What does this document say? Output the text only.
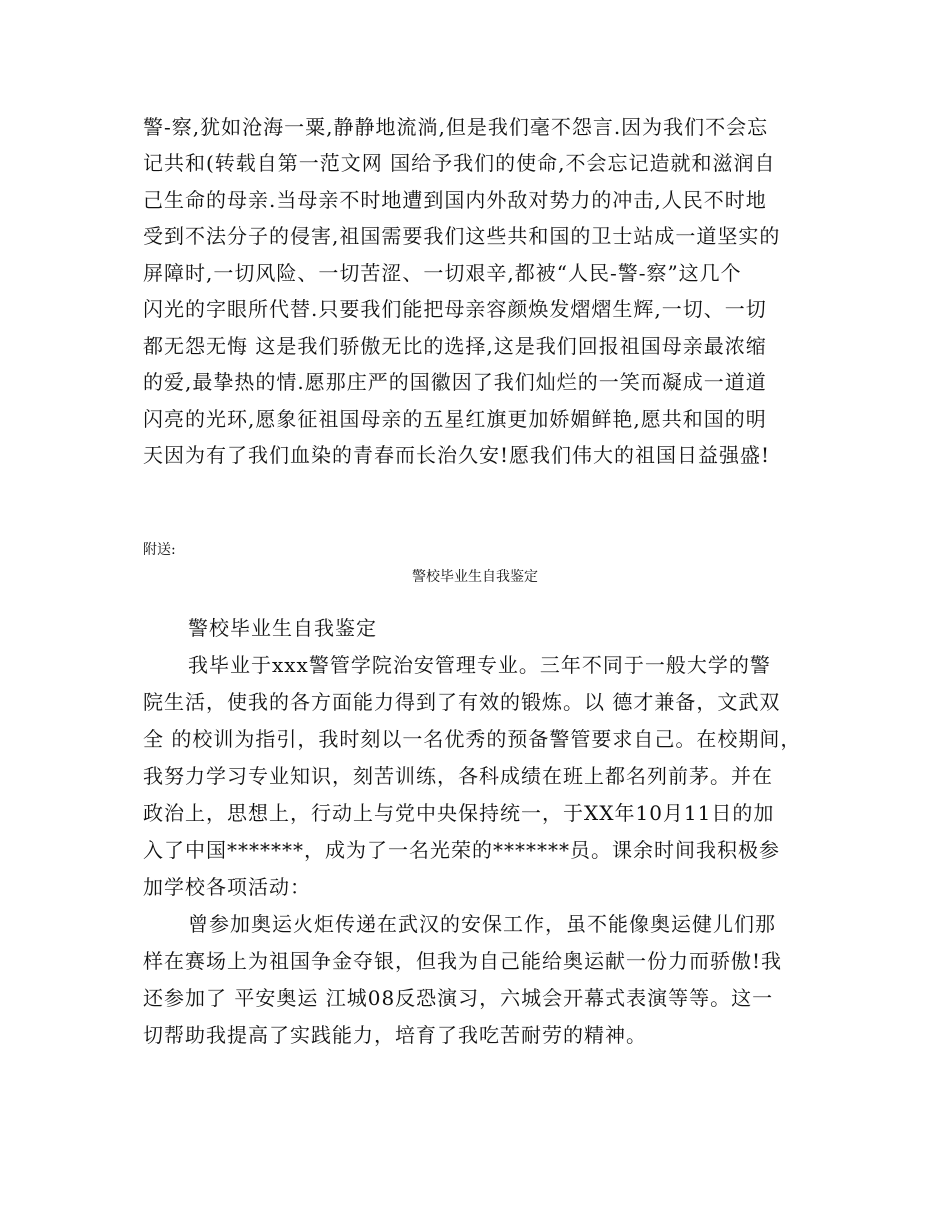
警-察,犹如沧海一粟,静静地流淌,但是我们毫不怨言.因为我们不会忘
记共和(转载自第一范文网 国给予我们的使命,不会忘记造就和滋润自
己生命的母亲.当母亲不时地遭到国内外敌对势力的冲击,人民不时地
受到不法分子的侵害,祖国需要我们这些共和国的卫士站成一道坚实的
屏障时,一切风险、一切苦涩、一切艰辛,都被“人民-警-察”这几个
闪光的字眼所代替.只要我们能把母亲容颜焕发熠熠生辉,一切、一切
都无怨无悔 这是我们骄傲无比的选择,这是我们回报祖国母亲最浓缩
的爱,最挚热的情.愿那庄严的国徽因了我们灿烂的一笑而凝成一道道
闪亮的光环,愿象征祖国母亲的五星红旗更加娇媚鲜艳,愿共和国的明
天因为有了我们血染的青春而长治久安!愿我们伟大的祖国日益强盛!
附送:
警校毕业生自我鉴定
警校毕业生自我鉴定
我毕业于xxx警管学院治安管理专业。三年不同于一般大学的警
院生活，使我的各方面能力得到了有效的锻炼。以 德才兼备，文武双
全 的校训为指引，我时刻以一名优秀的预备警管要求自己。在校期间，
我努力学习专业知识，刻苦训练，各科成绩在班上都名列前茅。并在
政治上，思想上，行动上与党中央保持统一，于XX年10月11日的加
入了中国*******，成为了一名光荣的*******员。课余时间我积极参
加学校各项活动：
曾参加奥运火炬传递在武汉的安保工作，虽不能像奥运健儿们那
样在赛场上为祖国争金夺银，但我为自己能给奥运献一份力而骄傲!我
还参加了 平安奥运 江城08反恐演习，六城会开幕式表演等等。这一
切帮助我提高了实践能力，培育了我吃苦耐劳的精神。
